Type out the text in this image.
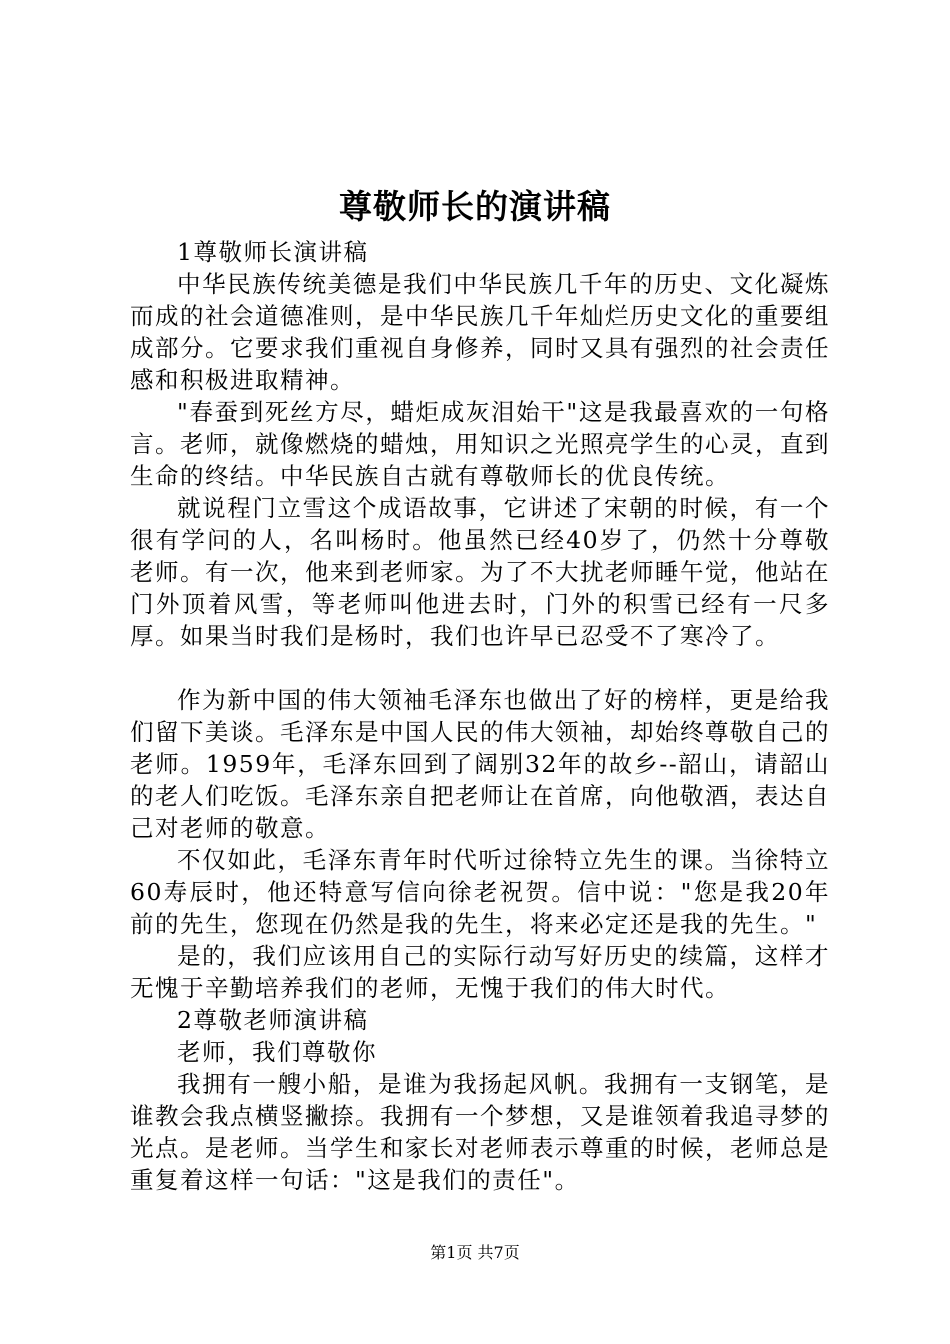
尊敬师长的演讲稿

1尊敬师长演讲稿

中华民族传统美德是我们中华民族几千年的历史、文化凝炼而成的社会道德准则，是中华民族几千年灿烂历史文化的重要组成部分。它要求我们重视自身修养，同时又具有强烈的社会责任感和积极进取精神。

"春蚕到死丝方尽，蜡炬成灰泪始干"这是我最喜欢的一句格言。老师，就像燃烧的蜡烛，用知识之光照亮学生的心灵，直到生命的终结。中华民族自古就有尊敬师长的优良传统。

就说程门立雪这个成语故事，它讲述了宋朝的时候，有一个很有学问的人，名叫杨时。他虽然已经40岁了，仍然十分尊敬老师。有一次，他来到老师家。为了不大扰老师睡午觉，他站在门外顶着风雪，等老师叫他进去时，门外的积雪已经有一尺多厚。如果当时我们是杨时，我们也许早已忍受不了寒冷了。

作为新中国的伟大领袖毛泽东也做出了好的榜样，更是给我们留下美谈。毛泽东是中国人民的伟大领袖，却始终尊敬自己的老师。1959年，毛泽东回到了阔别32年的故乡--韶山，请韶山的老人们吃饭。毛泽东亲自把老师让在首席，向他敬酒，表达自己对老师的敬意。

不仅如此，毛泽东青年时代听过徐特立先生的课。当徐特立60寿辰时，他还特意写信向徐老祝贺。信中说："您是我20年前的先生，您现在仍然是我的先生，将来必定还是我的先生。"

是的，我们应该用自己的实际行动写好历史的续篇，这样才无愧于辛勤培养我们的老师，无愧于我们的伟大时代。

2尊敬老师演讲稿

老师，我们尊敬你

我拥有一艘小船，是谁为我扬起风帆。我拥有一支钢笔，是谁教会我点横竖撇捺。我拥有一个梦想，又是谁领着我追寻梦的光点。是老师。当学生和家长对老师表示尊重的时候，老师总是重复着这样一句话："这是我们的责任"。

第1页 共7页
